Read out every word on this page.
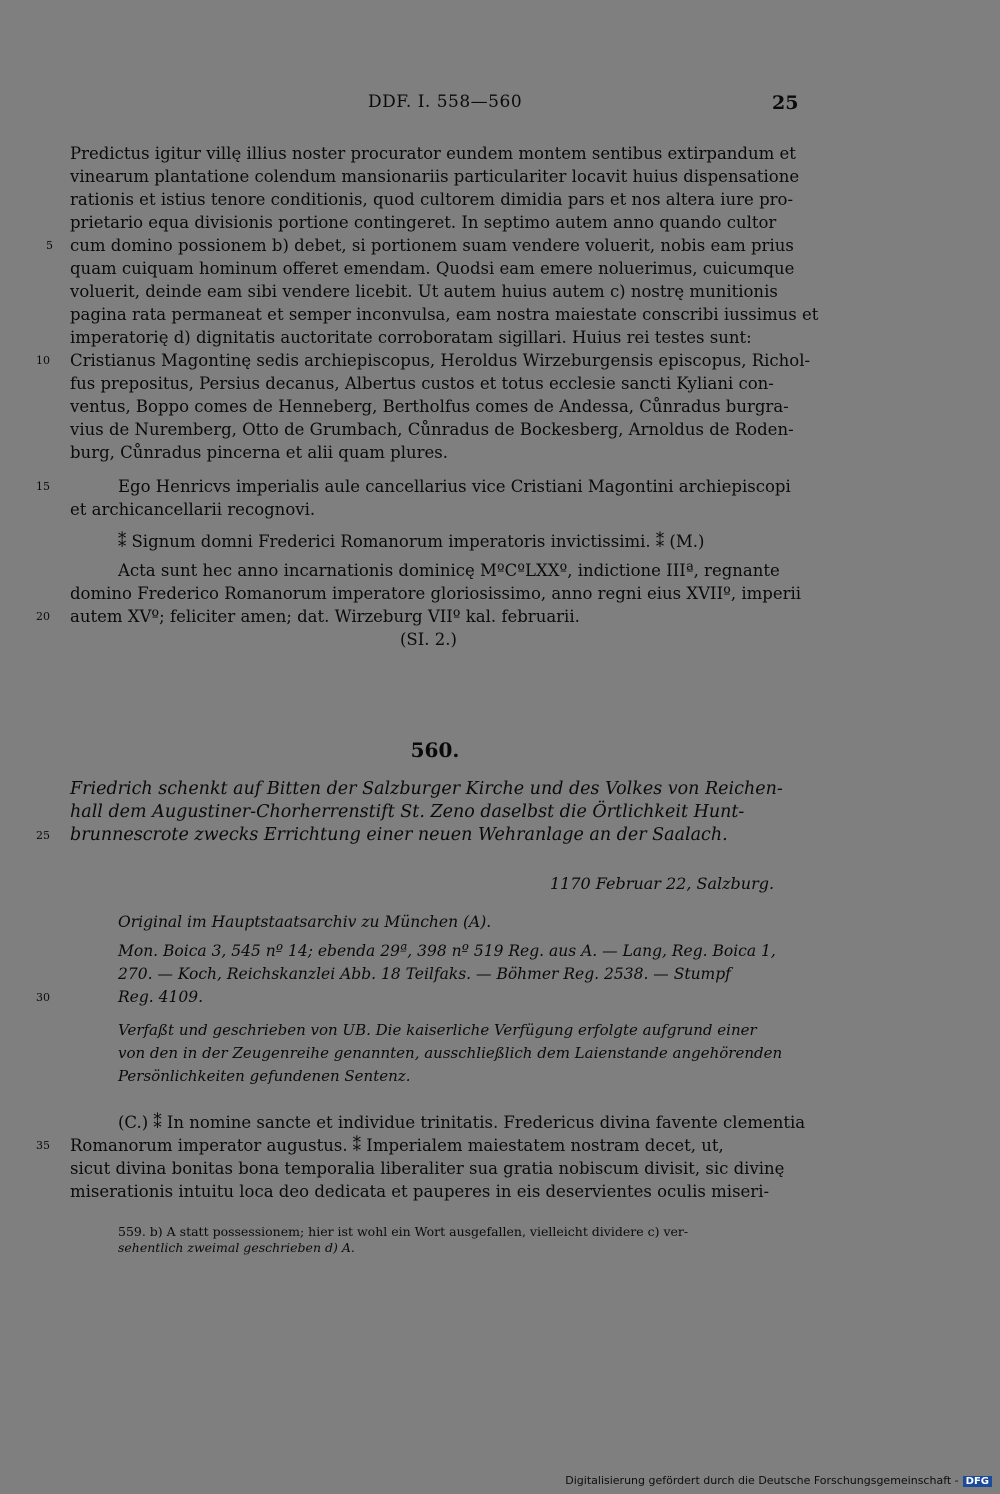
DDF. I. 558—560	25
Predictus igitur villę illius noster procurator eundem montem sentibus extirpandum et
vinearum plantatione colendum mansionariis particulariter locavit huius dispensatione
rationis et istius tenore conditionis, quod cultorem dimidia pars et nos altera iure pro-
prietario equa divisionis portione contingeret. In septimo autem anno quando cultor
cum domino possionem b) debet, si portionem suam vendere voluerit, nobis eam prius
quam cuiquam hominum offeret emendam. Quodsi eam emere noluerimus, cuicumque
voluerit, deinde eam sibi vendere licebit. Ut autem huius autem c) nostrę munitionis
pagina rata permaneat et semper inconvulsa, eam nostra maiestate conscribi iussimus et
imperatorię d) dignitatis auctoritate corroboratam sigillari. Huius rei testes sunt:
Cristianus Magontinę sedis archiepiscopus, Heroldus Wirzeburgensis episcopus, Richol-
fus prepositus, Persius decanus, Albertus custos et totus ecclesie sancti Kyliani con-
ventus, Boppo comes de Henneberg, Bertholfus comes de Andessa, Cůnradus burgra-
vius de Nuremberg, Otto de Grumbach, Cůnradus de Bockesberg, Arnoldus de Roden-
burg, Cůnradus pincerna et alii quam plures.
5
10
15
20
25
30
35
Ego Henricvs imperialis aule cancellarius vice Cristiani Magontini archiepiscopi
et archicancellarii recognovi.
⁑ Signum domni Frederici Romanorum imperatoris invictissimi. ⁑ (M.)
Acta sunt hec anno incarnationis dominicę MºCºLXXº, indictione IIIª, regnante
domino Frederico Romanorum imperatore gloriosissimo, anno regni eius XVIIº, imperii
autem XVº; feliciter amen; dat. Wirzeburg VIIº kal. februarii.
(SI. 2.)
560.
Friedrich schenkt auf Bitten der Salzburger Kirche und des Volkes von Reichen-
hall dem Augustiner-Chorherrenstift St. Zeno daselbst die Örtlichkeit Hunt-
brunnescrote zwecks Errichtung einer neuen Wehranlage an der Saalach.
1170 Februar 22, Salzburg.
Original im Hauptstaatsarchiv zu München (A).
Mon. Boica 3, 545 nº 14; ebenda 29ª, 398 nº 519 Reg. aus A. — Lang, Reg. Boica 1,
270. — Koch, Reichskanzlei Abb. 18 Teilfaks. — Böhmer Reg. 2538. — Stumpf
Reg. 4109.
Verfaßt und geschrieben von UB. Die kaiserliche Verfügung erfolgte aufgrund einer
von den in der Zeugenreihe genannten, ausschließlich dem Laienstande angehörenden
Persönlichkeiten gefundenen Sentenz.
(C.) ⁑ In nomine sancte et individue trinitatis. Fredericus divina favente clementia
Romanorum imperator augustus. ⁑ Imperialem maiestatem nostram decet, ut,
sicut divina bonitas bona temporalia liberaliter sua gratia nobiscum divisit, sic divinę
miserationis intuitu loca deo dedicata et pauperes in eis deservientes oculis miseri-
559. b) A statt possessionem; hier ist wohl ein Wort ausgefallen, vielleicht dividere c) ver-
sehentlich zweimal geschrieben d) A.
Digitalisierung gefördert durch die Deutsche Forschungsgemeinschaft - DFG
